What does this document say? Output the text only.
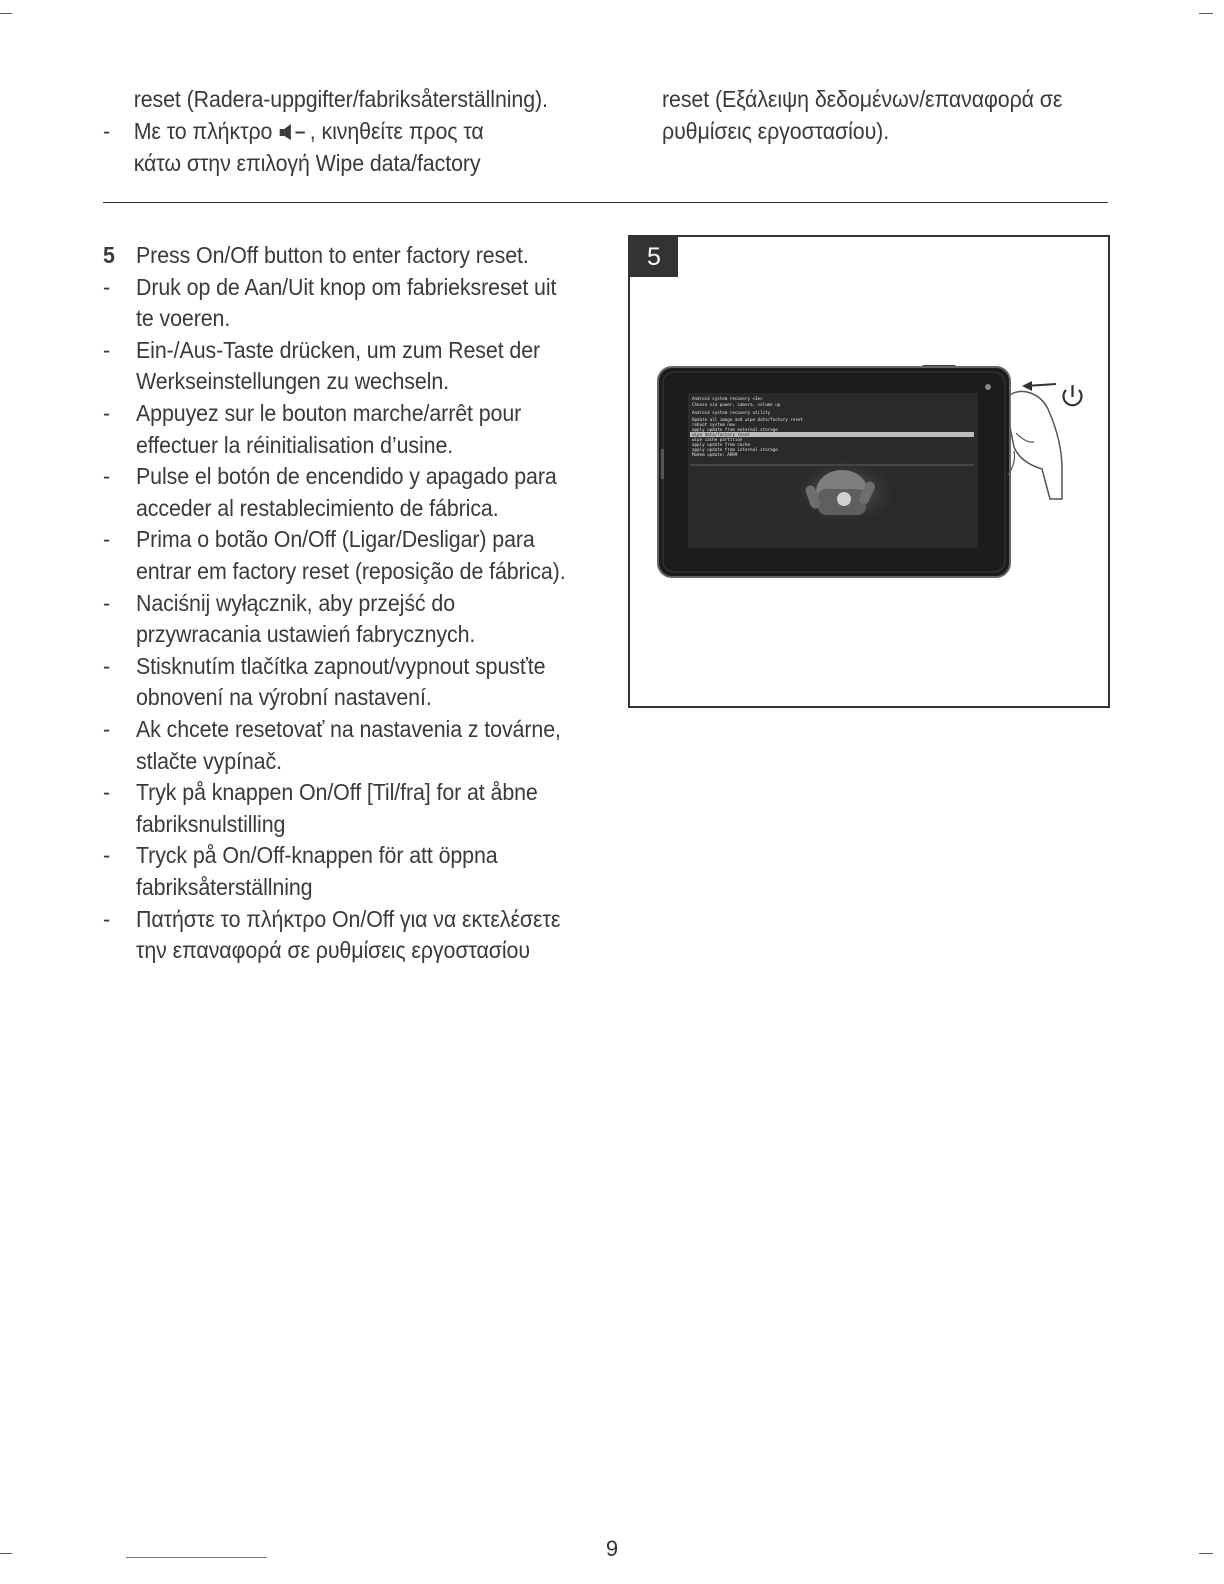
reset (Radera-uppgifter/fabriksåterställning).
-	Με το πλήκτρο , κινηθείτε προς τα
κάτω στην επιλογή Wipe data/factory
reset (Εξάλειψη δεδομένων/επαναφορά σε
ρυθμίσεις εργοστασίου).
5 Press On/Off button to enter factory reset.
-	Druk op de Aan/Uit knop om fabrieksreset uit
te voeren.
-	Ein-/Aus-Taste drücken, um zum Reset der
Werkseinstellungen zu wechseln.
-	Appuyez sur le bouton marche/arrêt pour
effectuer la réinitialisation d’usine.
-	Pulse el botón de encendido y apagado para
acceder al restablecimiento de fábrica.
-	Prima o botão On/Off (Ligar/Desligar) para
entrar em factory reset (reposição de fábrica).
-	Naciśnij wyłącznik, aby przejść do
przywracania ustawień fabrycznych.
-	Stisknutím tlačítka zapnout/vypnout spusťte
obnovení na výrobní nastavení.
-	Ak chcete resetovať na nastavenia z továrne,
stlačte vypínač.
-	Tryk på knappen On/Off [Til/fra] for at åbne
fabriksnulstilling
-	Tryck på On/Off-knappen för att öppna
fabriksåterställning
-	Πατήστε το πλήκτρο On/Off για να εκτελέσετε
την επαναφορά σε ρυθμίσεις εργοστασίου
5
Android system recovery <3e>
Choose via power, camera, volume up
Android system recovery utility
Update all image and wipe data/factory reset
reboot system now
apply update from external storage
wipe data/factory reset
wipe cache partition
apply update from cache
apply update from internal storage
Modem update: ARR9
9
